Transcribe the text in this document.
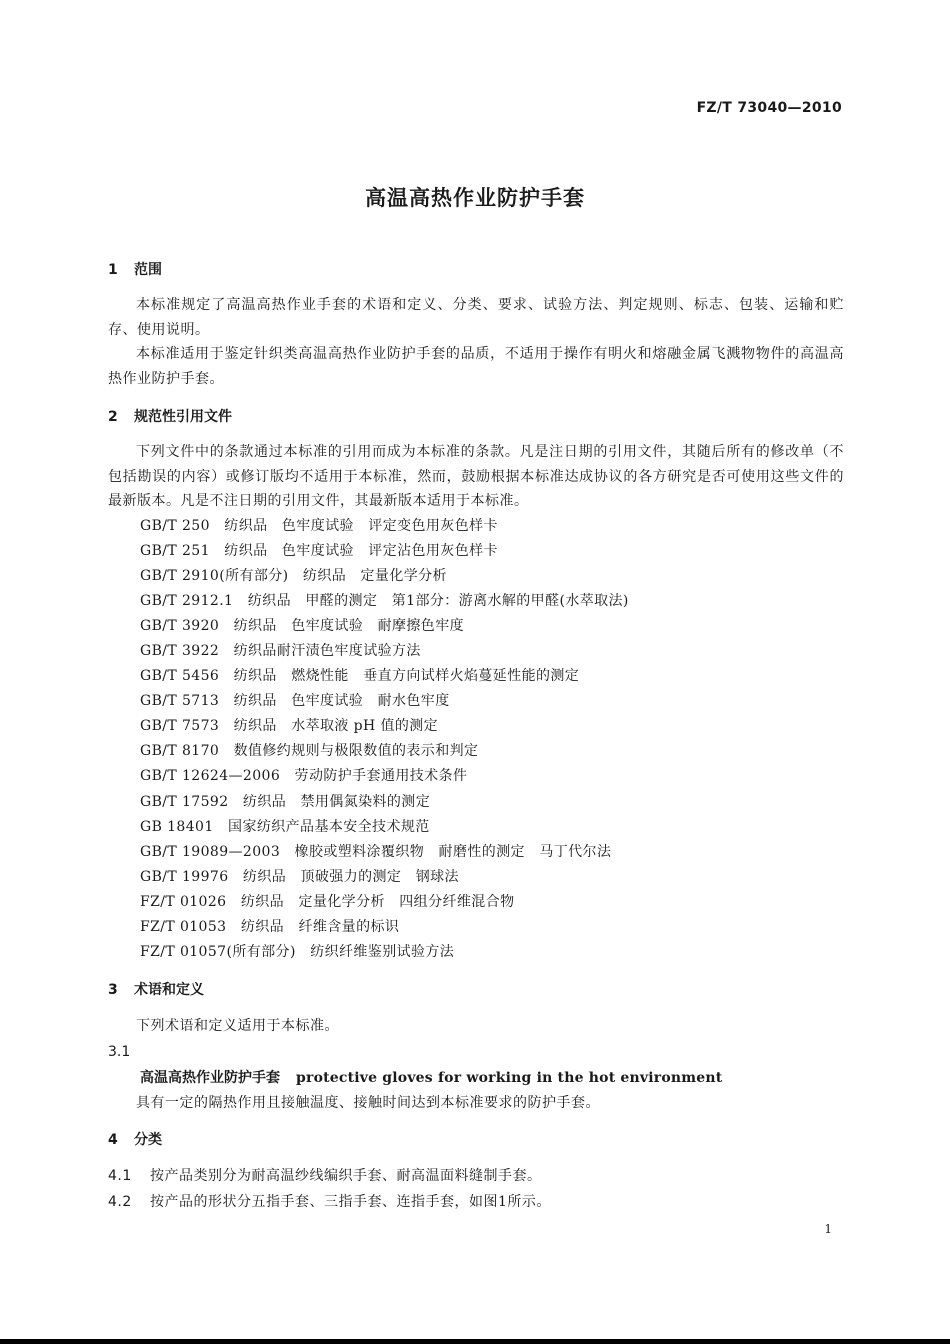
FZ/T 73040—2010
高温高热作业防护手套
1 范围
本标准规定了高温高热作业手套的术语和定义、分类、要求、试验方法、判定规则、标志、包装、运输和贮存、使用说明。
本标准适用于鉴定针织类高温高热作业防护手套的品质，不适用于操作有明火和熔融金属飞溅物物件的高温高热作业防护手套。
2 规范性引用文件
下列文件中的条款通过本标准的引用而成为本标准的条款。凡是注日期的引用文件，其随后所有的修改单（不包括勘误的内容）或修订版均不适用于本标准，然而，鼓励根据本标准达成协议的各方研究是否可使用这些文件的最新版本。凡是不注日期的引用文件，其最新版本适用于本标准。
GB/T 250　纺织品　色牢度试验　评定变色用灰色样卡
GB/T 251　纺织品　色牢度试验　评定沾色用灰色样卡
GB/T 2910(所有部分)　纺织品　定量化学分析
GB/T 2912.1　纺织品　甲醛的测定　第1部分：游离水解的甲醛(水萃取法)
GB/T 3920　纺织品　色牢度试验　耐摩擦色牢度
GB/T 3922　纺织品耐汗渍色牢度试验方法
GB/T 5456　纺织品　燃烧性能　垂直方向试样火焰蔓延性能的测定
GB/T 5713　纺织品　色牢度试验　耐水色牢度
GB/T 7573　纺织品　水萃取液 pH 值的测定
GB/T 8170　数值修约规则与极限数值的表示和判定
GB/T 12624—2006　劳动防护手套通用技术条件
GB/T 17592　纺织品　禁用偶氮染料的测定
GB 18401　国家纺织产品基本安全技术规范
GB/T 19089—2003　橡胶或塑料涂覆织物　耐磨性的测定　马丁代尔法
GB/T 19976　纺织品　顶破强力的测定　钢球法
FZ/T 01026　纺织品　定量化学分析　四组分纤维混合物
FZ/T 01053　纺织品　纤维含量的标识
FZ/T 01057(所有部分)　纺织纤维鉴别试验方法
3 术语和定义
下列术语和定义适用于本标准。
3.1
高温高热作业防护手套 protective gloves for working in the hot environment
具有一定的隔热作用且接触温度、接触时间达到本标准要求的防护手套。
4 分类
4.1 按产品类别分为耐高温纱线编织手套、耐高温面料缝制手套。
4.2 按产品的形状分五指手套、三指手套、连指手套，如图1所示。
1
